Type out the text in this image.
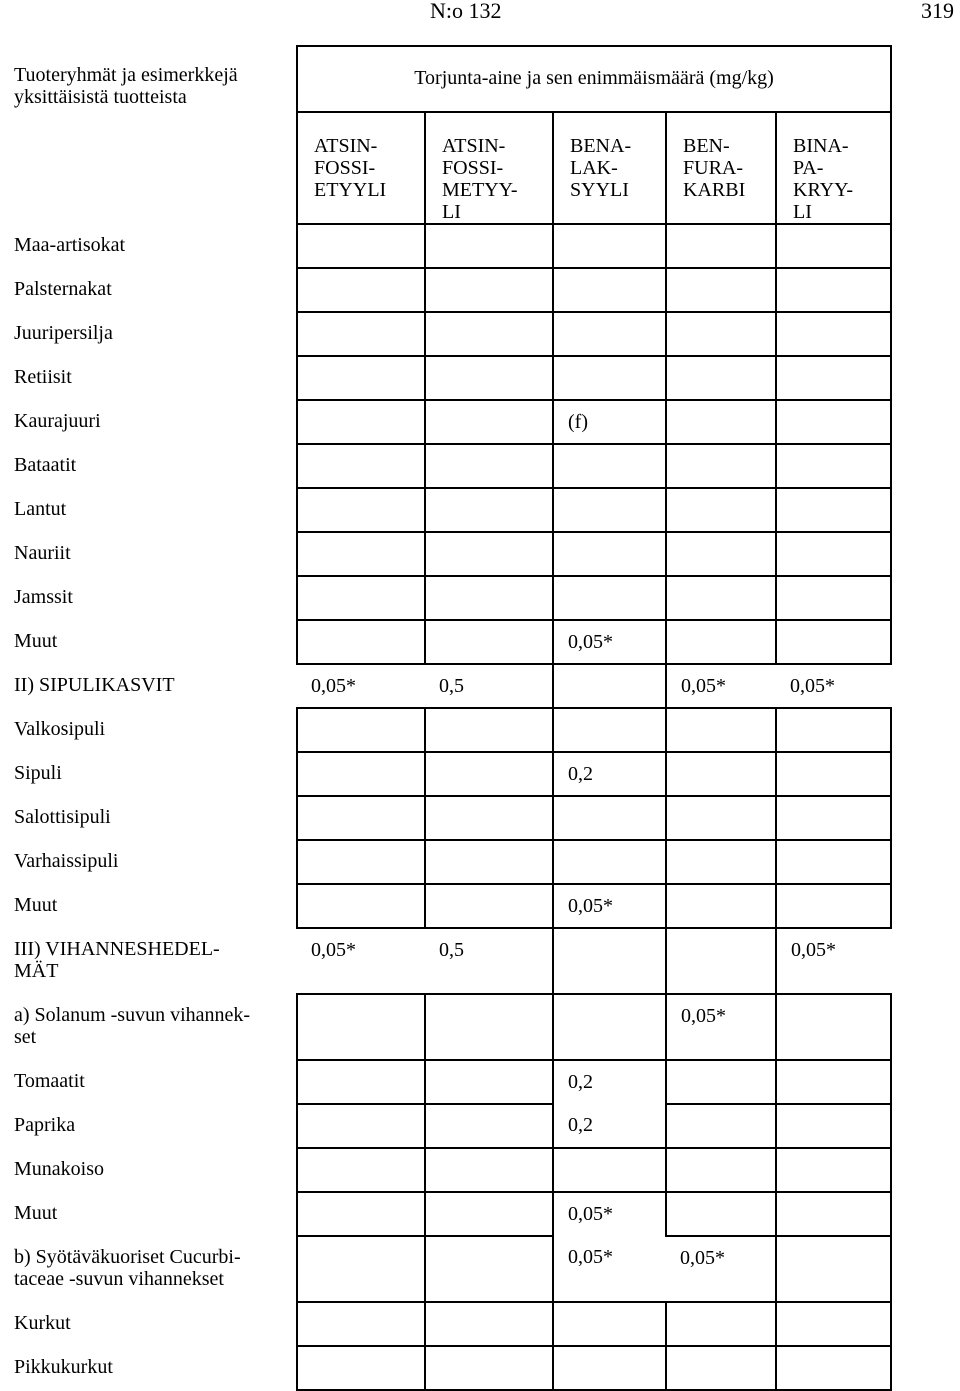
N:o 132	319
Tuoteryhmät ja esimerkkejä yksittäisistä tuotteista	Torjunta-aine ja sen enimmäismäärä (mg/kg)				
	ATSIN-
FOSSI-
ETYYLI	ATSIN-
FOSSI-
METYY-
LI	BENA-
LAK-
SYYLI	BEN-
FURA-
KARBI	BINA-
PA-
KRYY-
LI
Maa-artisokat					
Palsternakat					
Juuripersilja					
Retiisit					
Kaurajuuri			(f)		
Bataatit					
Lantut					
Nauriit					
Jamssit					
Muut			0,05*		
II) SIPULIKASVIT	0,05*	0,5		0,05*	0,05*
Valkosipuli					
Sipuli			0,2		
Salottisipuli					
Varhaissipuli					
Muut			0,05*		
III) VIHANNESHEDEL-
MÄT	0,05*	0,5			0,05*
a) Solanum -suvun vihannek-
set				0,05*	
Tomaatit			0,2		
Paprika			0,2		
Munakoiso					
Muut			0,05*		
b) Syötäväkuoriset Cucurbi-
taceae -suvun vihannekset			0,05*	0,05*	
Kurkut					
Pikkukurkut					
